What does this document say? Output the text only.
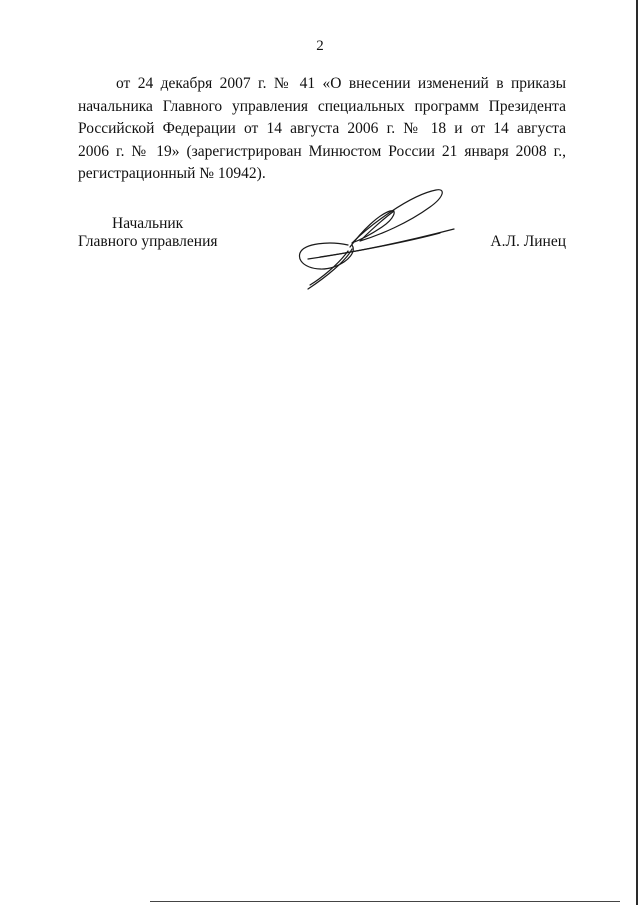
2

от 24 декабря 2007 г. № 41 «О внесении изменений в приказы
начальника Главного управления специальных программ Президента
Российской Федерации от 14 августа 2006 г. № 18 и от 14 августа
2006 г. № 19» (зарегистрирован Минюстом России 21 января 2008 г.,
регистрационный № 10942).

Начальник
Главного управления	А.Л. Линец
